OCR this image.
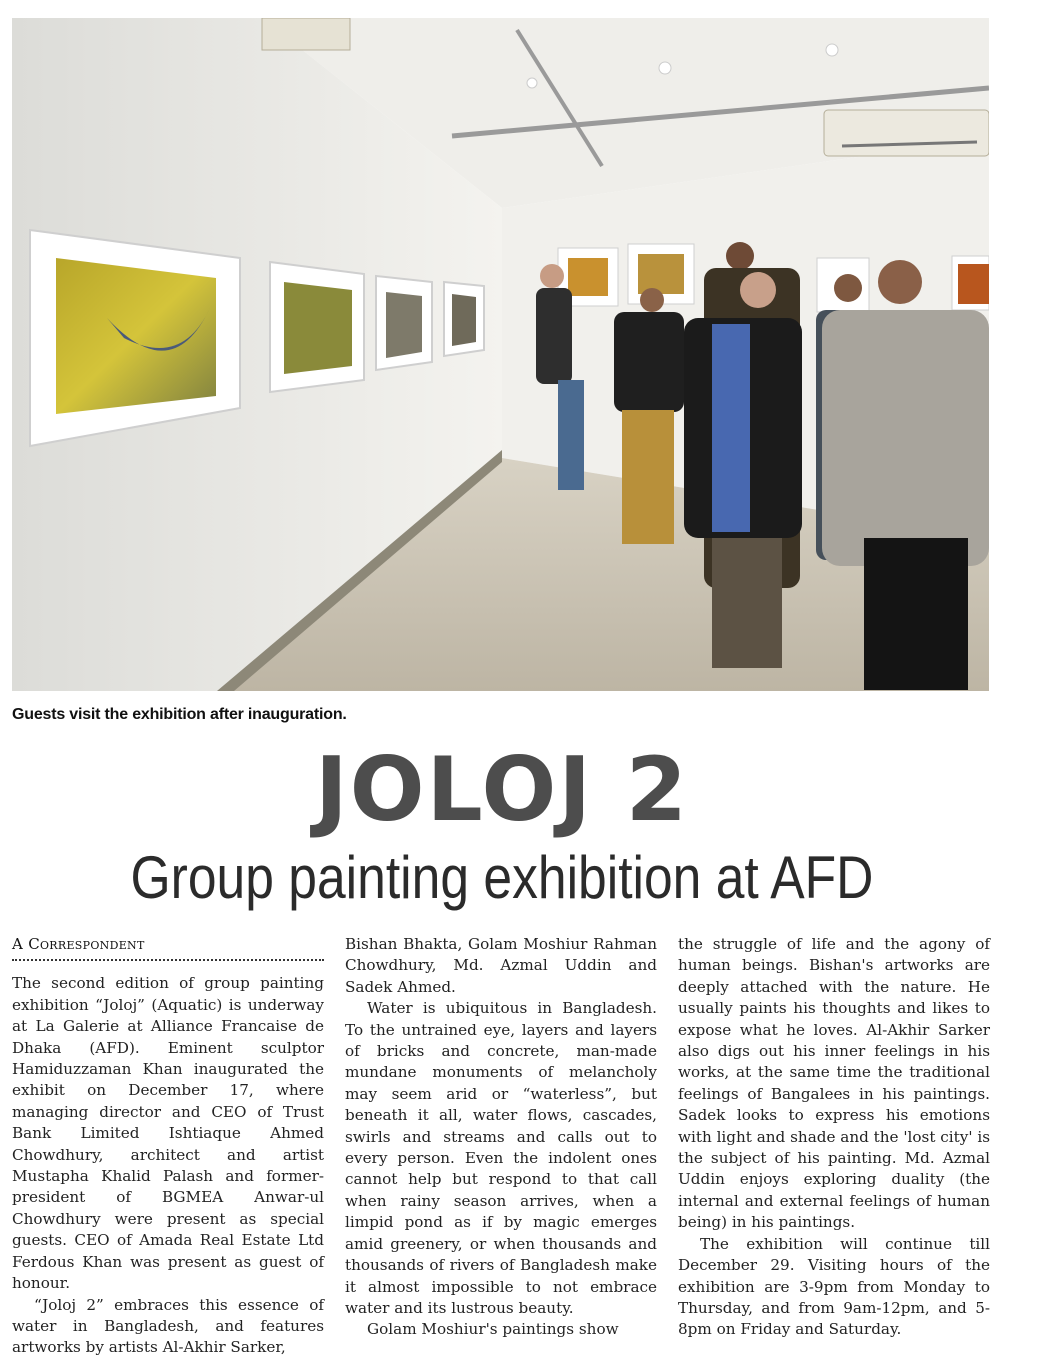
Guests visit the exhibition after inauguration.
JOLOJ 2
Group painting exhibition at AFD

A Correspondent

The second edition of group painting exhibition “Joloj” (Aquatic) is underway at La Galerie at Alliance Francaise de Dhaka (AFD). Eminent sculptor Hamiduzzaman Khan inaugurated the exhibit on December 17, where managing director and CEO of Trust Bank Limited Ishtiaque Ahmed Chowdhury, architect and artist Mustapha Khalid Palash and former-president of BGMEA Anwar-ul Chowdhury were present as special guests. CEO of Amada Real Estate Ltd Ferdous Khan was present as guest of honour.

“Joloj 2” embraces this essence of water in Bangladesh, and features artworks by artists Al-Akhir Sarker,

Bishan Bhakta, Golam Moshiur Rahman Chowdhury, Md. Azmal Uddin and Sadek Ahmed.

Water is ubiquitous in Bangladesh. To the untrained eye, layers and layers of bricks and concrete, man-made mundane monuments of melancholy may seem arid or “waterless”, but beneath it all, water flows, cascades, swirls and streams and calls out to every person. Even the indolent ones cannot help but respond to that call when rainy season arrives, when a limpid pond as if by magic emerges amid greenery, or when thousands and thousands of rivers of Bangladesh make it almost impossible to not embrace water and its lustrous beauty.

Golam Moshiur's paintings show

the struggle of life and the agony of human beings. Bishan's artworks are deeply attached with the nature. He usually paints his thoughts and likes to expose what he loves. Al-Akhir Sarker also digs out his inner feelings in his works, at the same time the traditional feelings of Bangalees in his paintings. Sadek looks to express his emotions with light and shade and the 'lost city' is the subject of his painting. Md. Azmal Uddin enjoys exploring duality (the internal and external feelings of human being) in his paintings.

The exhibition will continue till December 29. Visiting hours of the exhibition are 3-9pm from Monday to Thursday, and from 9am-12pm, and 5-8pm on Friday and Saturday.
